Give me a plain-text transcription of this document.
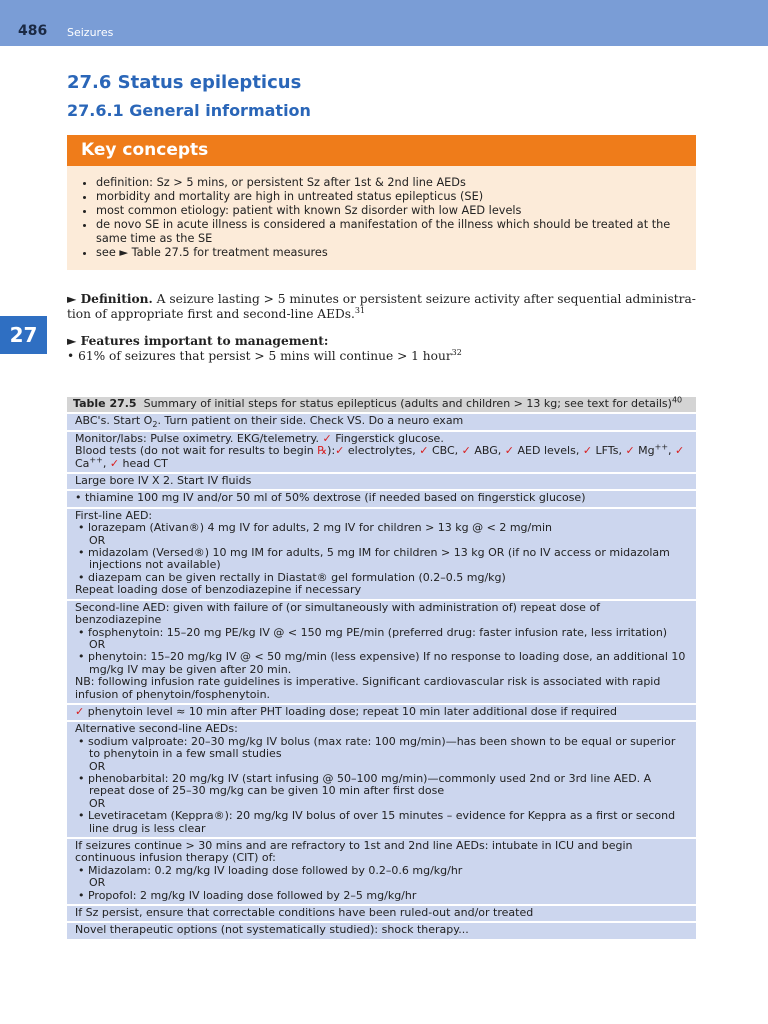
486 Seizures
27
27.6 Status epilepticus
27.6.1 General information
Key concepts
• definition: Sz > 5 mins, or persistent Sz after 1st & 2nd line AEDs
• morbidity and mortality are high in untreated status epilepticus (SE)
• most common etiology: patient with known Sz disorder with low AED levels
• de novo SE in acute illness is considered a manifestation of the illness which should be treated at the same time as the SE
• see ► Table 27.5 for treatment measures
► Definition. A seizure lasting > 5 minutes or persistent seizure activity after sequential administra-tion of appropriate first and second-line AEDs.$^{31}$
► Features important to management:
• 61% of seizures that persist > 5 mins will continue > 1 hour$^{32}$
Table 27.5 Summary of initial steps for status epilepticus (adults and children > 13 kg; see text for details)$^{40}$
ABC's. Start $O_2$. Turn patient on their side. Check VS. Do a neuro exam
Monitor/labs: Pulse oximetry. EKG/telemetry. ✓ Fingerstick glucose.
Blood tests (do not wait for results to begin ℞):✓ electrolytes, ✓ CBC, ✓ ABG, ✓ AED levels, ✓ LFTs, ✓ Mg++, ✓
Ca++, ✓ head CT
Large bore IV X 2. Start IV fluids
• thiamine 100 mg IV and/or 50 ml of 50% dextrose (if needed based on fingerstick glucose)
First-line AED:
• lorazepam (Ativan®) 4 mg IV for adults, 2 mg IV for children > 13 kg @ < 2 mg/min
OR
• midazolam (Versed®) 10 mg IM for adults, 5 mg IM for children > 13 kg OR (if no IV access or midazolam injections not available)
• diazepam can be given rectally in Diastat® gel formulation (0.2–0.5 mg/kg)
Repeat loading dose of benzodiazepine if necessary
Second-line AED: given with failure of (or simultaneously with administration of) repeat dose of benzodiazepine
• fosphenytoin: 15–20 mg PE/kg IV @ < 150 mg PE/min (preferred drug: faster infusion rate, less irritation)
OR
• phenytoin: 15–20 mg/kg IV @ < 50 mg/min (less expensive) If no response to loading dose, an additional 10 mg/kg IV may be given after 20 min.
NB: following infusion rate guidelines is imperative. Significant cardiovascular risk is associated with rapid infusion of phenytoin/fosphenytoin.
✓ phenytoin level ≈ 10 min after PHT loading dose; repeat 10 min later additional dose if required
Alternative second-line AEDs:
• sodium valproate: 20–30 mg/kg IV bolus (max rate: 100 mg/min)—has been shown to be equal or superior to phenytoin in a few small studies
OR
• phenobarbital: 20 mg/kg IV (start infusing @ 50–100 mg/min)—commonly used 2nd or 3rd line AED. A repeat dose of 25–30 mg/kg can be given 10 min after first dose
OR
• Levetiracetam (Keppra®): 20 mg/kg IV bolus of over 15 minutes – evidence for Keppra as a first or second line drug is less clear
If seizures continue > 30 mins and are refractory to 1st and 2nd line AEDs: intubate in ICU and begin continuous infusion therapy (CIT) of:
• Midazolam: 0.2 mg/kg IV loading dose followed by 0.2–0.6 mg/kg/hr
OR
• Propofol: 2 mg/kg IV loading dose followed by 2–5 mg/kg/hr
If Sz persist, ensure that correctable conditions have been ruled-out and/or treated
Novel therapeutic options (not systematically studied): shock therapy...
